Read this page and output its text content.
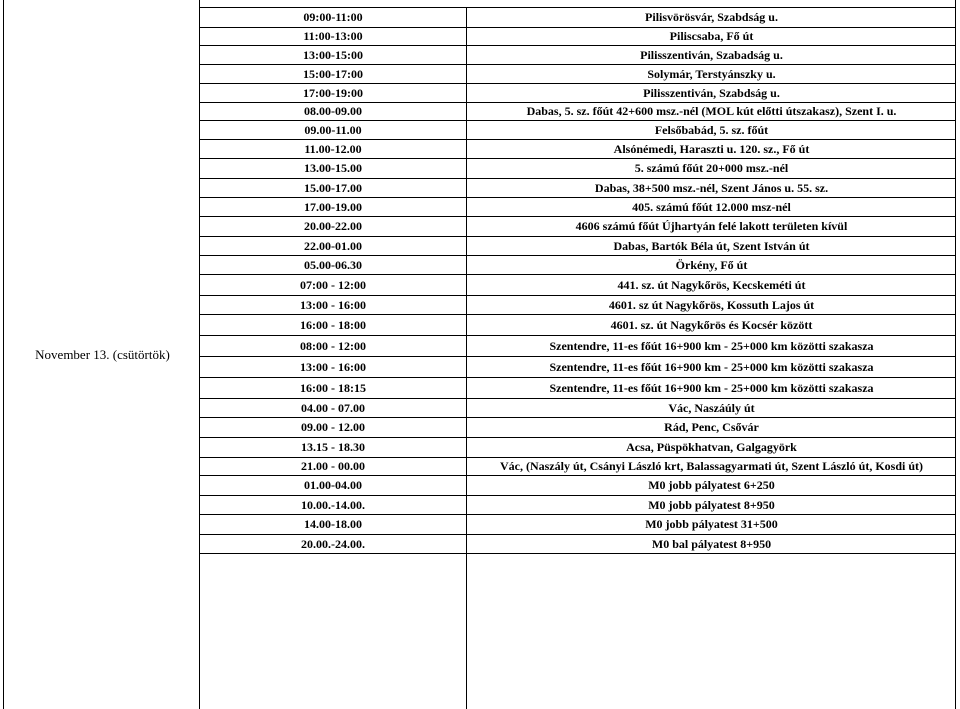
November 13. (csütörtök)
09:00-11:00	Pilisvörösvár, Szabdság u.
11:00-13:00	Piliscsaba, Fő út
13:00-15:00	Pilisszentiván, Szabadság u.
15:00-17:00	Solymár, Terstyánszky u.
17:00-19:00	Pilisszentiván, Szabdság u.
08.00-09.00	Dabas, 5. sz. főút 42+600 msz.-nél (MOL kút előtti útszakasz), Szent I. u.
09.00-11.00	Felsőbabád, 5. sz. főút
11.00-12.00	Alsónémedi, Haraszti u. 120. sz., Fő út
13.00-15.00	5. számú főút 20+000 msz.-nél
15.00-17.00	Dabas, 38+500 msz.-nél, Szent János u. 55. sz.
17.00-19.00	405. számú főút 12.000 msz-nél
20.00-22.00	4606 számú főút Újhartyán felé lakott területen kívül
22.00-01.00	Dabas, Bartók Béla út, Szent István út
05.00-06.30	Örkény, Fő út
07:00 - 12:00	441. sz. út Nagykőrös, Kecskeméti út
13:00 - 16:00	4601. sz út Nagykőrös, Kossuth Lajos út
16:00 - 18:00	4601. sz. út Nagykőrös és Kocsér között
08:00 - 12:00	Szentendre, 11-es főút 16+900 km - 25+000 km közötti szakasza
13:00 - 16:00	Szentendre, 11-es főút 16+900 km - 25+000 km közötti szakasza
16:00 - 18:15	Szentendre, 11-es főút 16+900 km - 25+000 km közötti szakasza
04.00 - 07.00	Vác, Naszáúly út
09.00 - 12.00	Rád, Penc, Csővár
13.15 - 18.30	Acsa, Püspökhatvan, Galgagyörk
21.00 - 00.00	Vác, (Naszály út, Csányi László krt, Balassagyarmati út, Szent László út, Kosdi út)
01.00-04.00	M0 jobb pályatest 6+250
10.00.-14.00.	M0 jobb pályatest 8+950
14.00-18.00	M0 jobb pályatest 31+500
20.00.-24.00.	M0 bal pályatest 8+950
